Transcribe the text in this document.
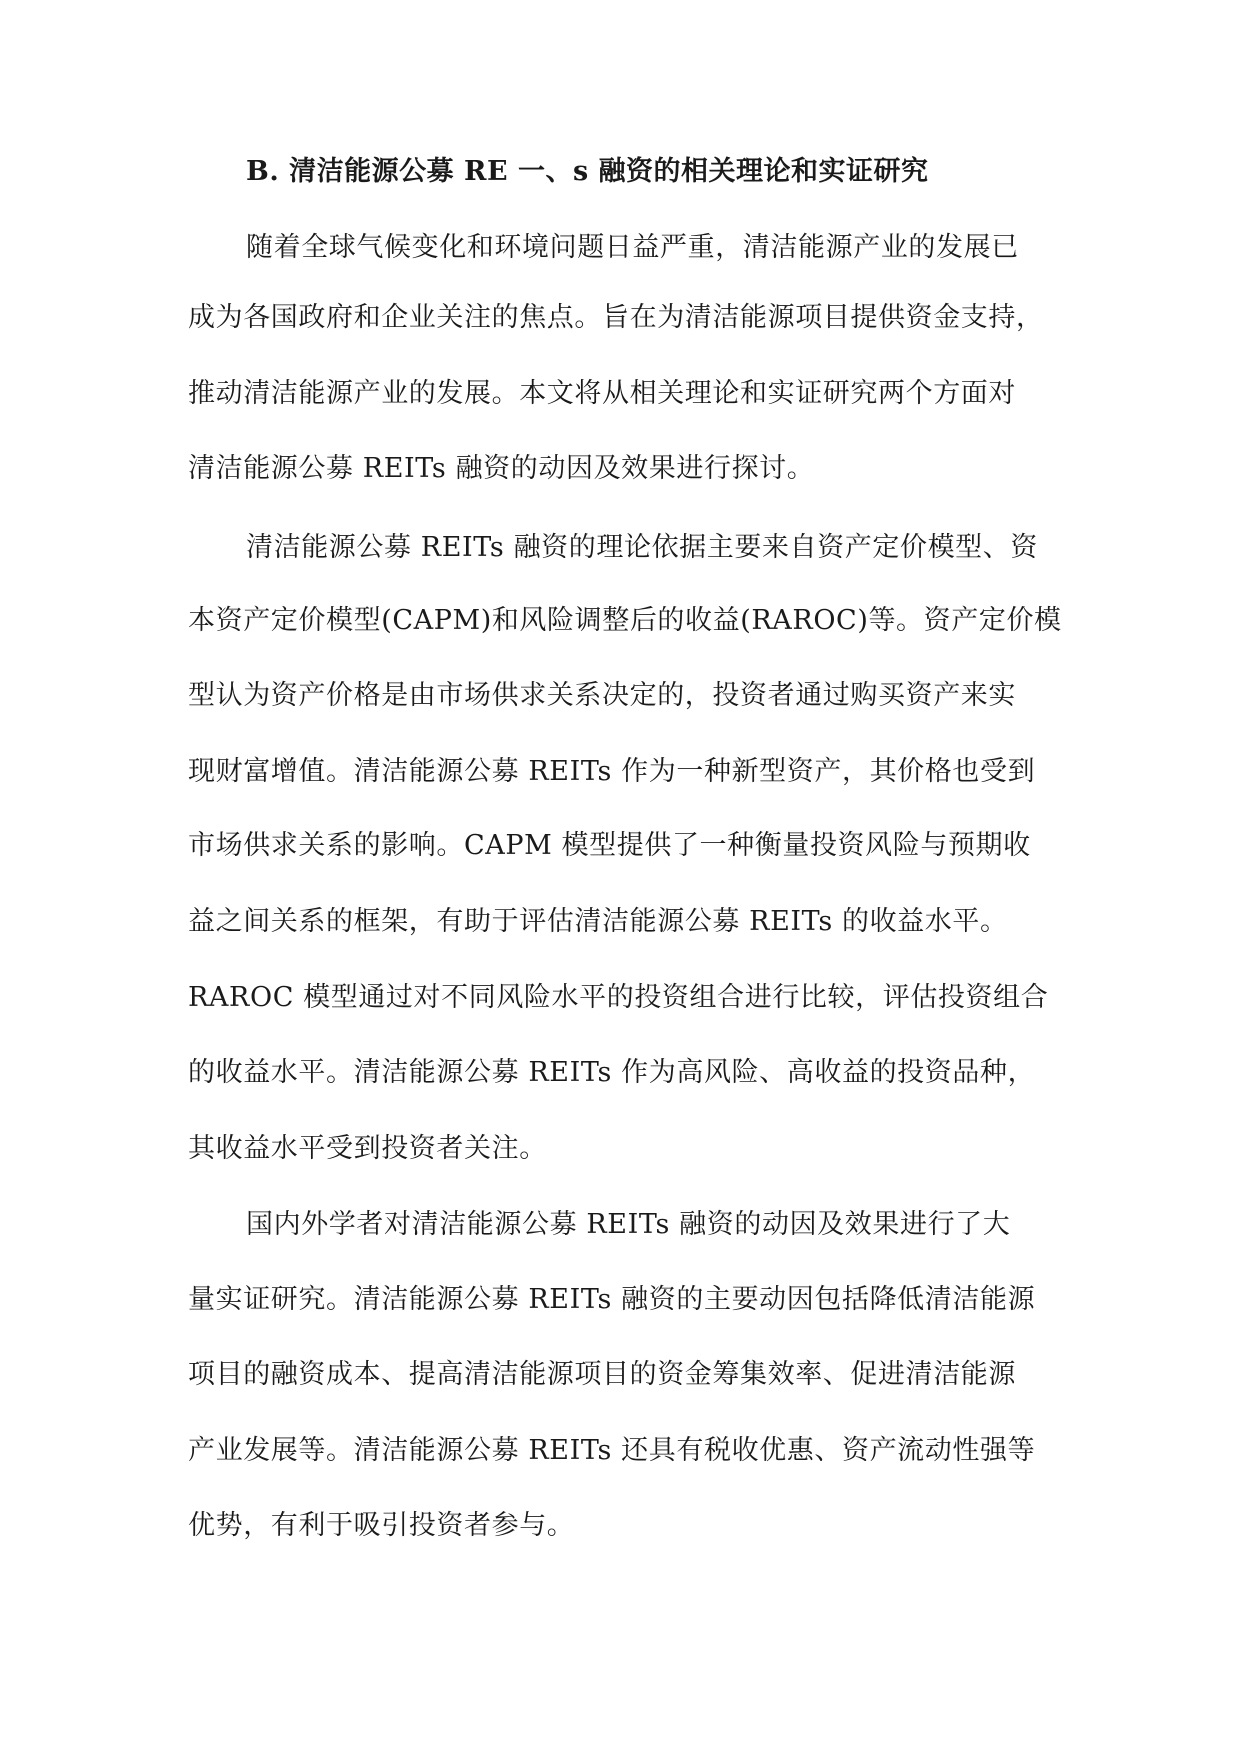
B. 清洁能源公募 RE 一、s 融资的相关理论和实证研究
随着全球气候变化和环境问题日益严重，清洁能源产业的发展已
成为各国政府和企业关注的焦点。旨在为清洁能源项目提供资金支持，
推动清洁能源产业的发展。本文将从相关理论和实证研究两个方面对
清洁能源公募 REITs 融资的动因及效果进行探讨。
清洁能源公募 REITs 融资的理论依据主要来自资产定价模型、资
本资产定价模型(CAPM)和风险调整后的收益(RAROC)等。资产定价模
型认为资产价格是由市场供求关系决定的，投资者通过购买资产来实
现财富增值。清洁能源公募 REITs 作为一种新型资产，其价格也受到
市场供求关系的影响。CAPM 模型提供了一种衡量投资风险与预期收
益之间关系的框架，有助于评估清洁能源公募 REITs 的收益水平。
RAROC 模型通过对不同风险水平的投资组合进行比较，评估投资组合
的收益水平。清洁能源公募 REITs 作为高风险、高收益的投资品种，
其收益水平受到投资者关注。
国内外学者对清洁能源公募 REITs 融资的动因及效果进行了大
量实证研究。清洁能源公募 REITs 融资的主要动因包括降低清洁能源
项目的融资成本、提高清洁能源项目的资金筹集效率、促进清洁能源
产业发展等。清洁能源公募 REITs 还具有税收优惠、资产流动性强等
优势，有利于吸引投资者参与。
